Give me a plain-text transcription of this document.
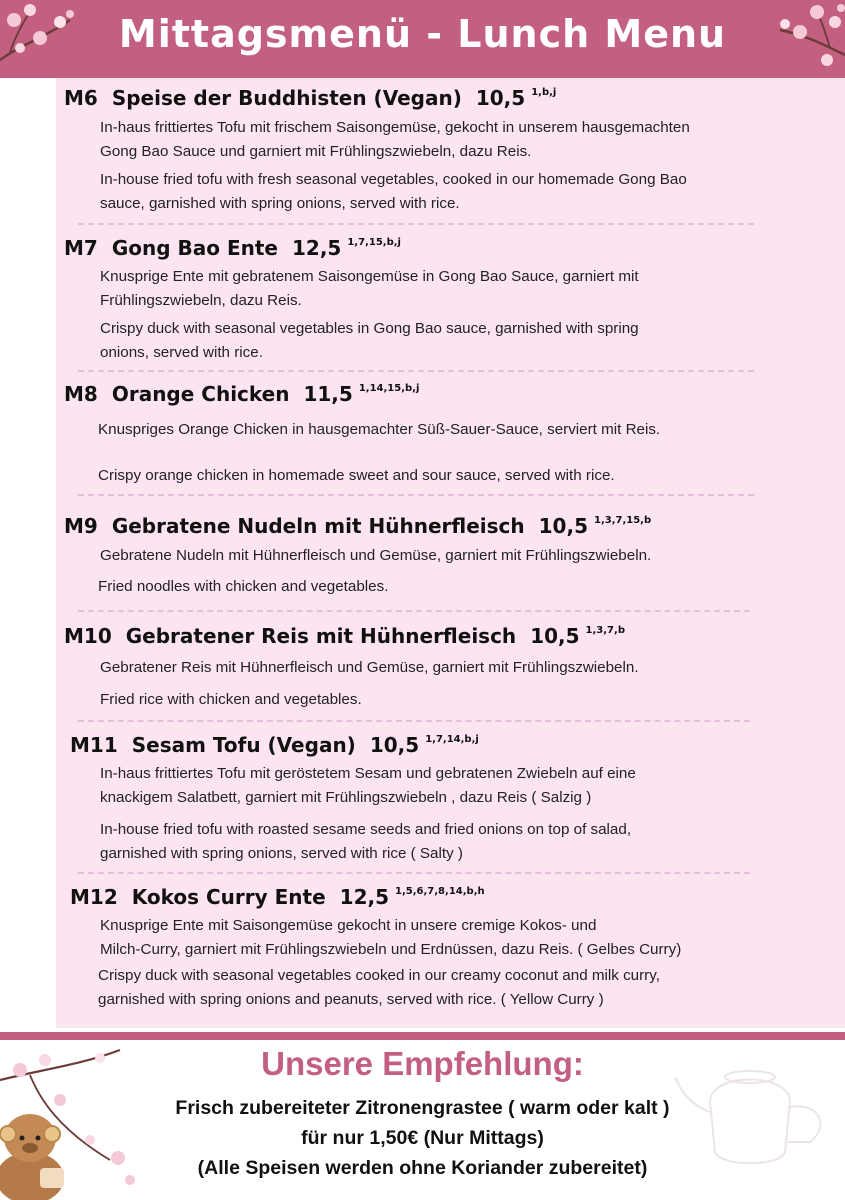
Mittagsmenü - Lunch Menu
M6 Speise der Buddhisten (Vegan) 10,5 $^{1,b,j}$
In-haus frittiertes Tofu mit frischem Saisongemüse, gekocht in unserem hausgemachten
Gong Bao Sauce und garniert mit Frühlingszwiebeln, dazu Reis.
In-house fried tofu with fresh seasonal vegetables, cooked in our homemade Gong Bao
sauce, garnished with spring onions, served with rice.
M7 Gong Bao Ente 12,5 $^{1,7,15,b,j}$
Knusprige Ente mit gebratenem Saisongemüse in Gong Bao Sauce, garniert mit
Frühlingszwiebeln, dazu Reis.
Crispy duck with seasonal vegetables in Gong Bao sauce, garnished with spring
onions, served with rice.
M8 Orange Chicken 11,5 $^{1,14,15,b,j}$
Knuspriges Orange Chicken in hausgemachter Süß-Sauer-Sauce, serviert mit Reis.
Crispy orange chicken in homemade sweet and sour sauce, served with rice.
M9 Gebratene Nudeln mit Hühnerfleisch 10,5 $^{1,3,7,15,b}$
Gebratene Nudeln mit Hühnerfleisch und Gemüse, garniert mit Frühlingszwiebeln.
Fried noodles with chicken and vegetables.
M10 Gebratener Reis mit Hühnerfleisch 10,5 $^{1,3,7,b}$
Gebratener Reis mit Hühnerfleisch und Gemüse, garniert mit Frühlingszwiebeln.
Fried rice with chicken and vegetables.
M11 Sesam Tofu (Vegan) 10,5 $^{1,7,14,b,j}$
In-haus frittiertes Tofu mit geröstetem Sesam und gebratenen Zwiebeln auf eine
knackigem Salatbett, garniert mit Frühlingszwiebeln , dazu Reis ( Salzig )
In-house fried tofu with roasted sesame seeds and fried onions on top of salad,
garnished with spring onions, served with rice ( Salty )
M12 Kokos Curry Ente 12,5 $^{1,5,6,7,8,14,b,h}$
Knusprige Ente mit Saisongemüse gekocht in unsere cremige Kokos- und
Milch-Curry, garniert mit Frühlingszwiebeln und Erdnüssen, dazu Reis. ( Gelbes Curry)
Crispy duck with seasonal vegetables cooked in our creamy coconut and milk curry,
garnished with spring onions and peanuts, served with rice. ( Yellow Curry )
Unsere Empfehlung:
Frisch zubereiteter Zitronengrastee ( warm oder kalt )
für nur 1,50€ (Nur Mittags)
(Alle Speisen werden ohne Koriander zubereitet)
